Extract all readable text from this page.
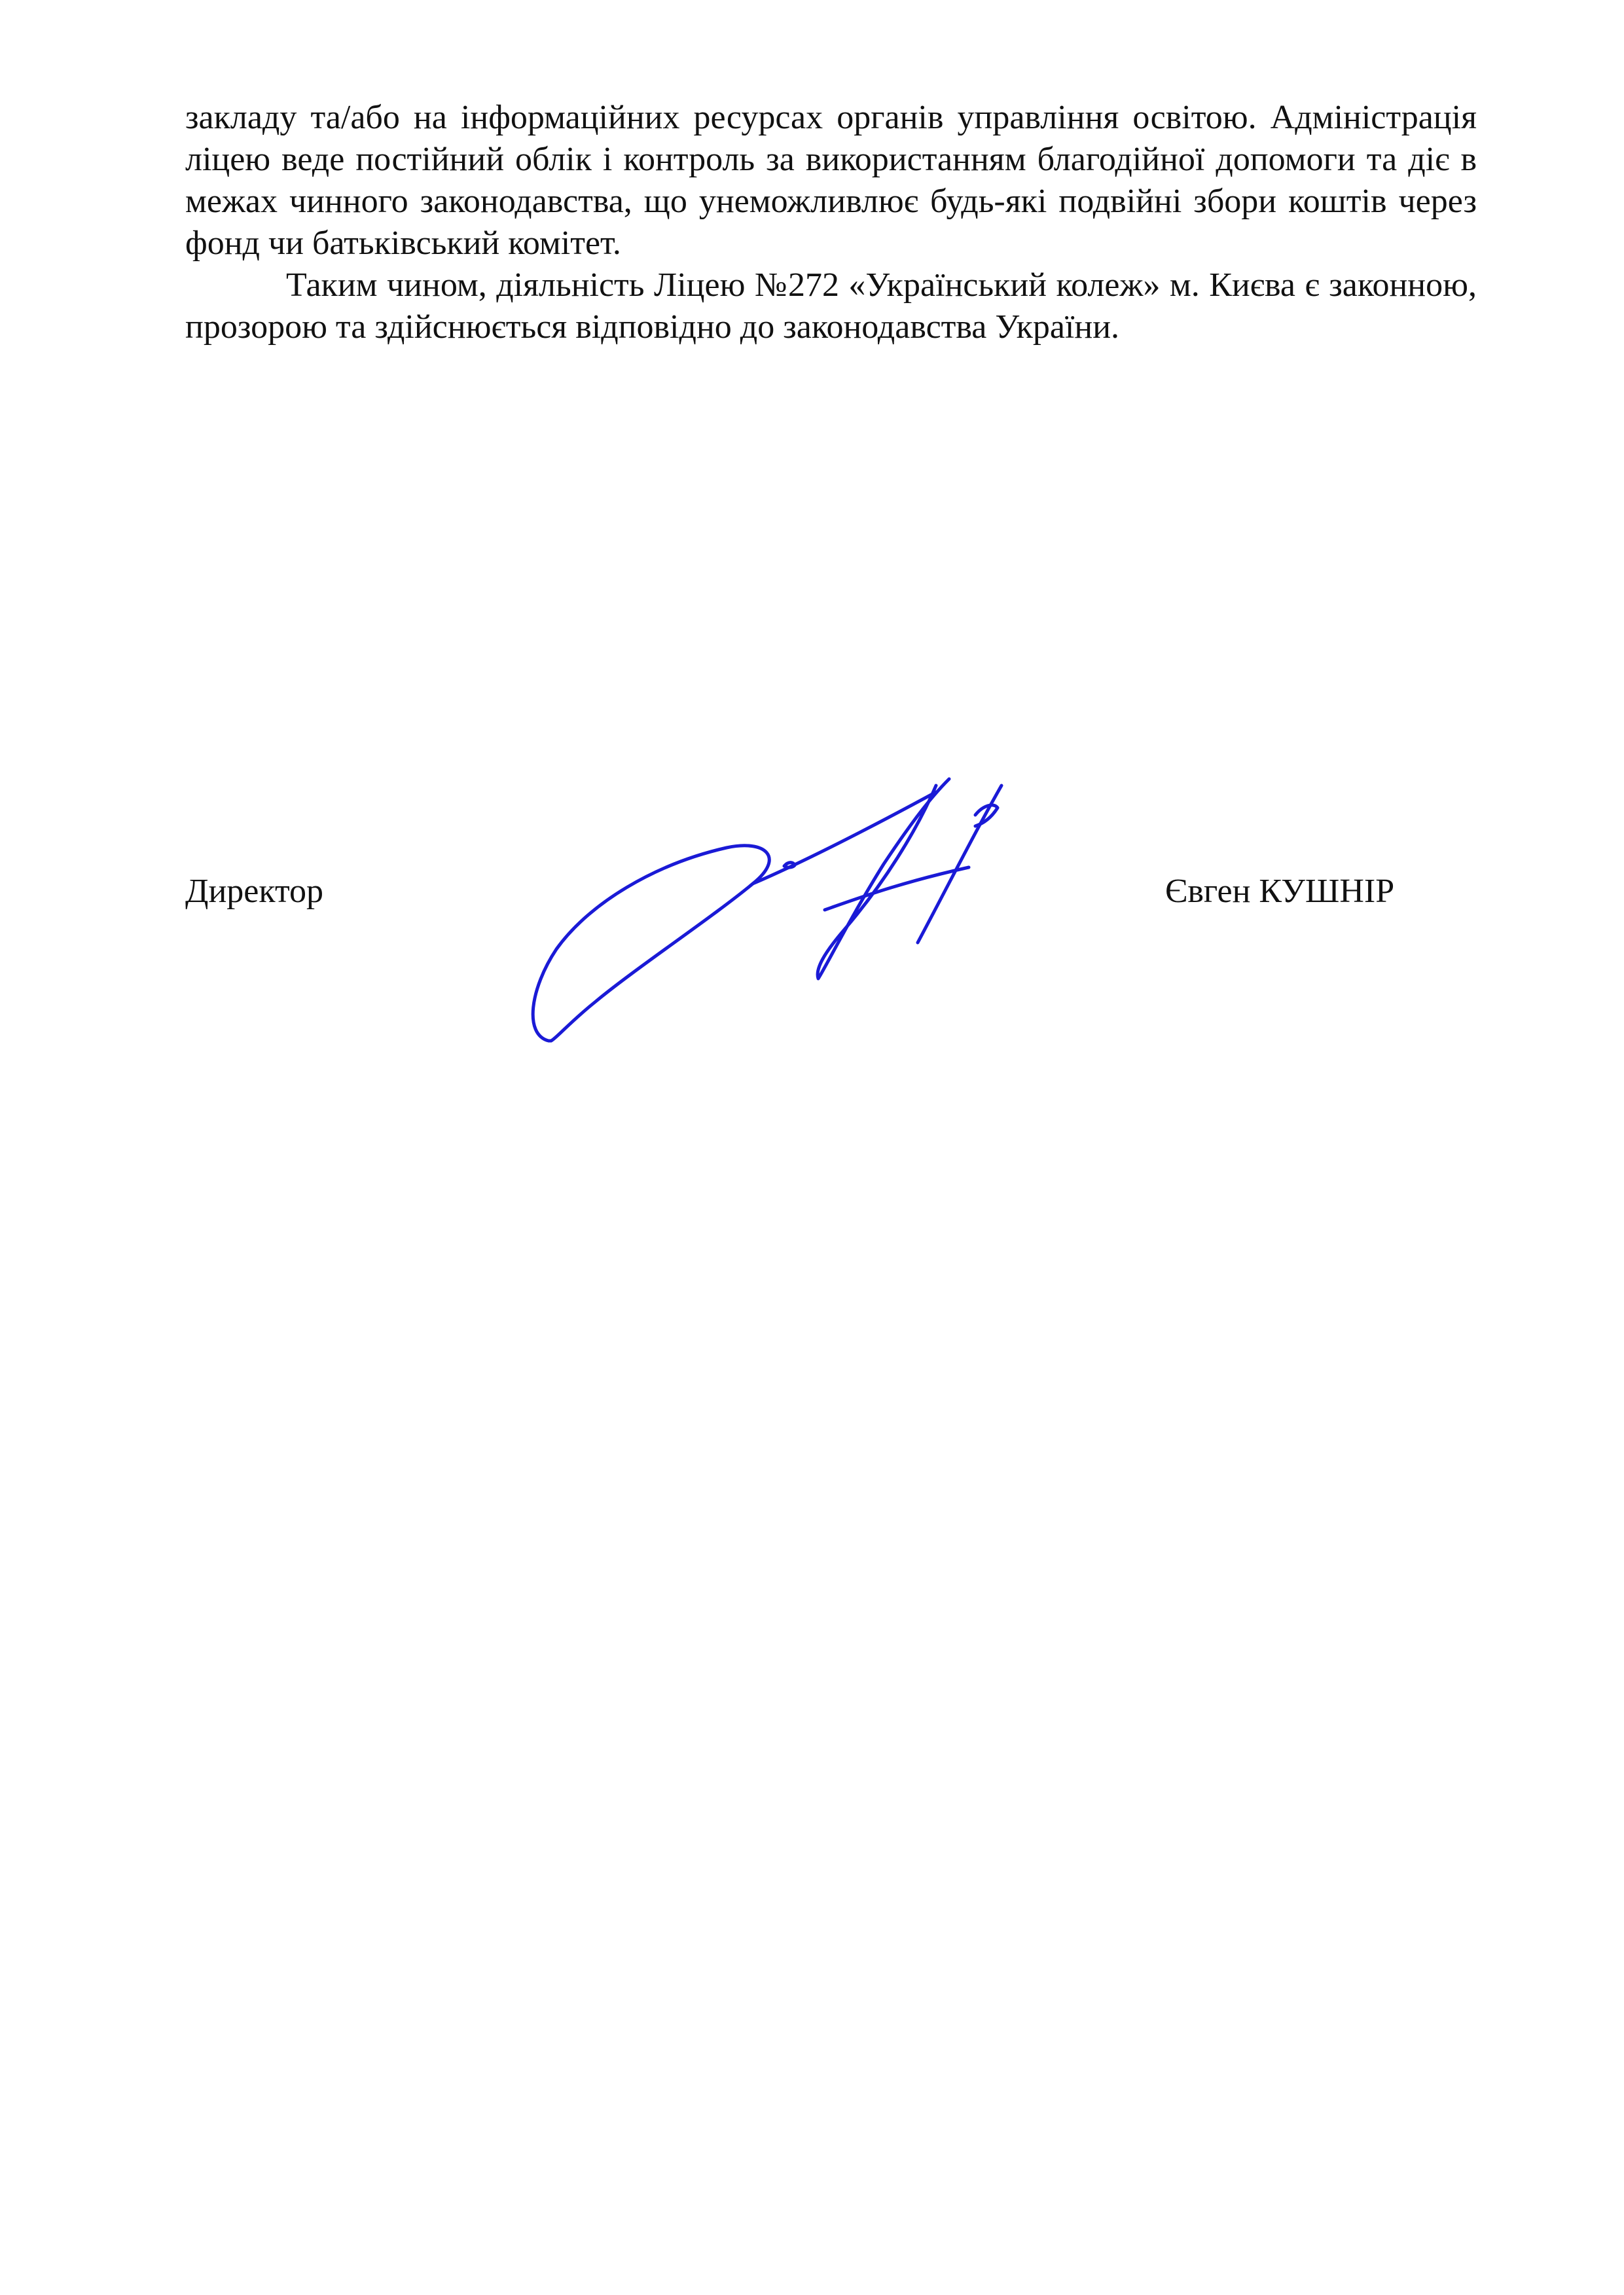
закладу та/або на інформаційних ресурсах органів управління освітою. Адміністрація ліцею веде постійний облік і контроль за використанням благодійної допомоги та діє в межах чинного законодавства, що унеможливлює будь-які подвійні збори коштів через фонд чи батьківський комітет.

Таким чином, діяльність Ліцею №272 «Український колеж» м. Києва є законною, прозорою та здійснюється відповідно до законодавства України.

Директор	Євген КУШНІР
